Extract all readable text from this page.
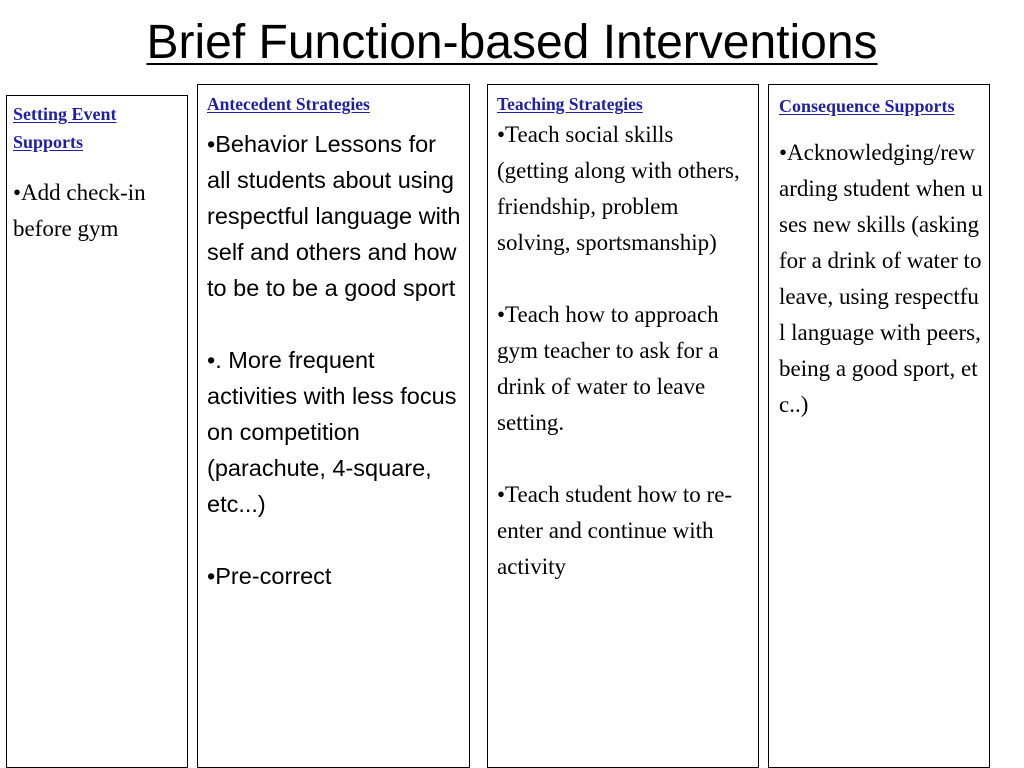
Brief Function-based Interventions
Setting Event Supports

•Add check-in before gym

Antecedent Strategies

•Behavior Lessons for all students about using respectful language with self and others and how to be to be a good sport

•. More frequent activities with less focus on competition (parachute, 4-square, etc...)

•Pre-correct

Teaching Strategies

•Teach social skills (getting along with others, friendship, problem solving, sportsmanship)

•Teach how to approach gym teacher to ask for a drink of water to leave setting.

•Teach student how to re-enter and continue with activity

Consequence Supports

•Acknowledging/rewarding student when uses new skills (asking for a drink of water to leave, using respectful language with peers, being a good sport, etc..)
